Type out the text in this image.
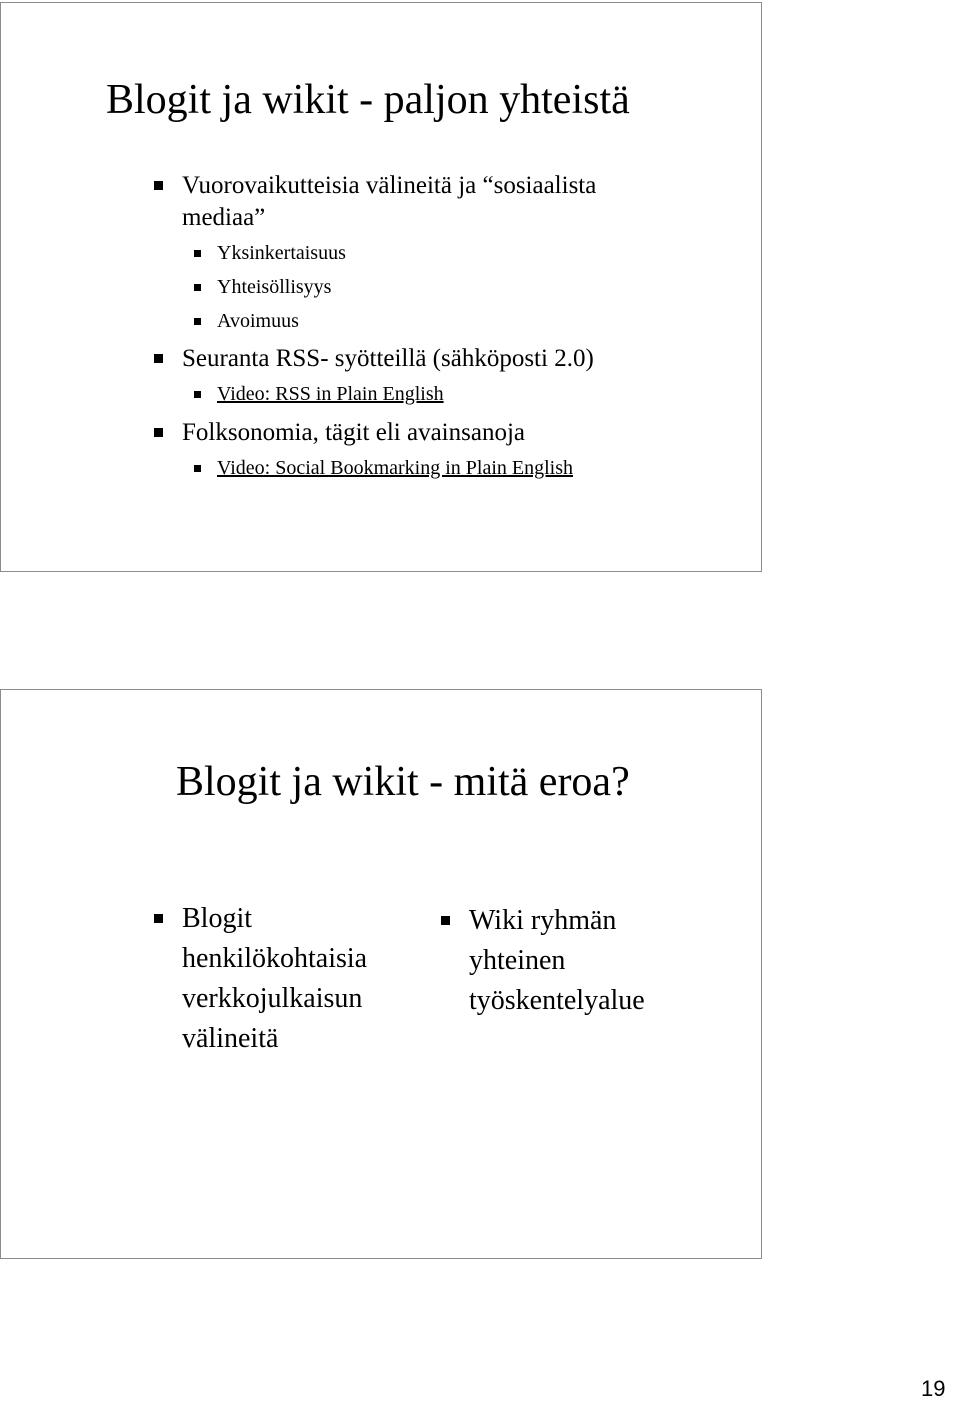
Blogit ja wikit - paljon yhteistä
Vuorovaikutteisia välineitä ja “sosiaalista
mediaa”
Yksinkertaisuus
Yhteisöllisyys
Avoimuus
Seuranta RSS- syötteillä (sähköposti 2.0)
Video: RSS in Plain English
Folksonomia, tägit eli avainsanoja
Video: Social Bookmarking in Plain English
Blogit ja wikit - mitä eroa?
Blogit
henkilökohtaisia
verkkojulkaisun
välineitä
Wiki ryhmän
yhteinen
työskentelyalue
19
